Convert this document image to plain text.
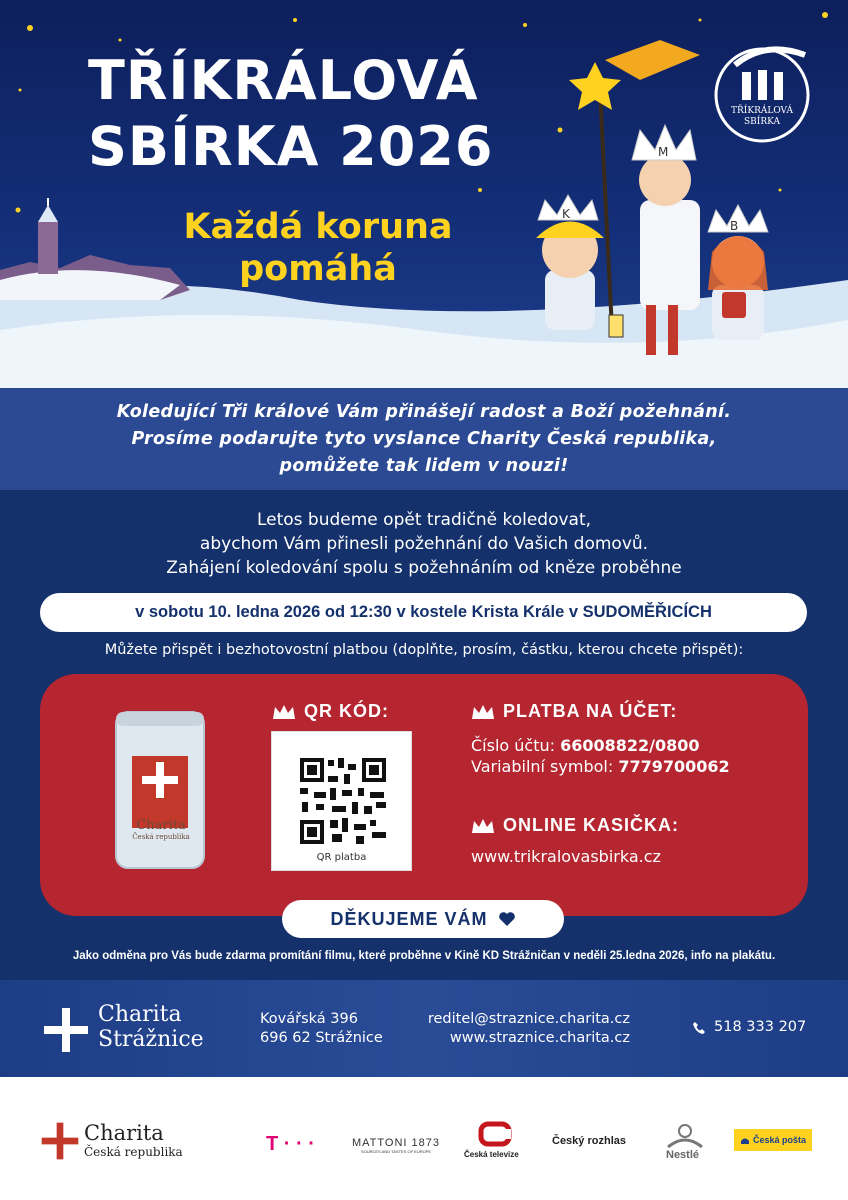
M
K
B
TŘÍKRÁLOVÁ
SBÍRKA 2026
Každá koruna
pomáhá
TŘÍKRÁLOVÁ
SBÍRKA
Koledující Tři králové Vám přinášejí radost a Boží požehnání.
Prosíme podarujte tyto vyslance Charity Česká republika,
pomůžete tak lidem v nouzi!
Letos budeme opět tradičně koledovat,
abychom Vám přinesli požehnání do Vašich domovů.
Zahájení koledování spolu s požehnáním od kněze proběhne
v sobotu 10. ledna 2026 od 12:30 v kostele Krista Krále v SUDOMĚŘICÍCH
Můžete přispět i bezhotovostní platbou (doplňte, prosím, částku, kterou chcete přispět):
Charita
Česká republika
QR KÓD:
QR platba
PLATBA NA ÚČET:
Číslo účtu: 66008822/0800
Variabilní symbol: 7779700062
ONLINE KASIČKA:
www.trikralovasbirka.cz
DĚKUJEME VÁM
Jako odměna pro Vás bude zdarma promítání filmu, které proběhne v Kině KD Strážničan v neděli 25.ledna 2026, info na plakátu.
Charita
Strážnice
Kovářská 396
696 62 Strážnice
reditel@straznice.charita.cz
www.straznice.charita.cz
518 333 207
Charita
Česká republika	T · · ·	MATTONI 1873
SOURCES AND TASTES OF EUROPE	Česká televize
Český rozhlas
Nestlé
Česká pošta
